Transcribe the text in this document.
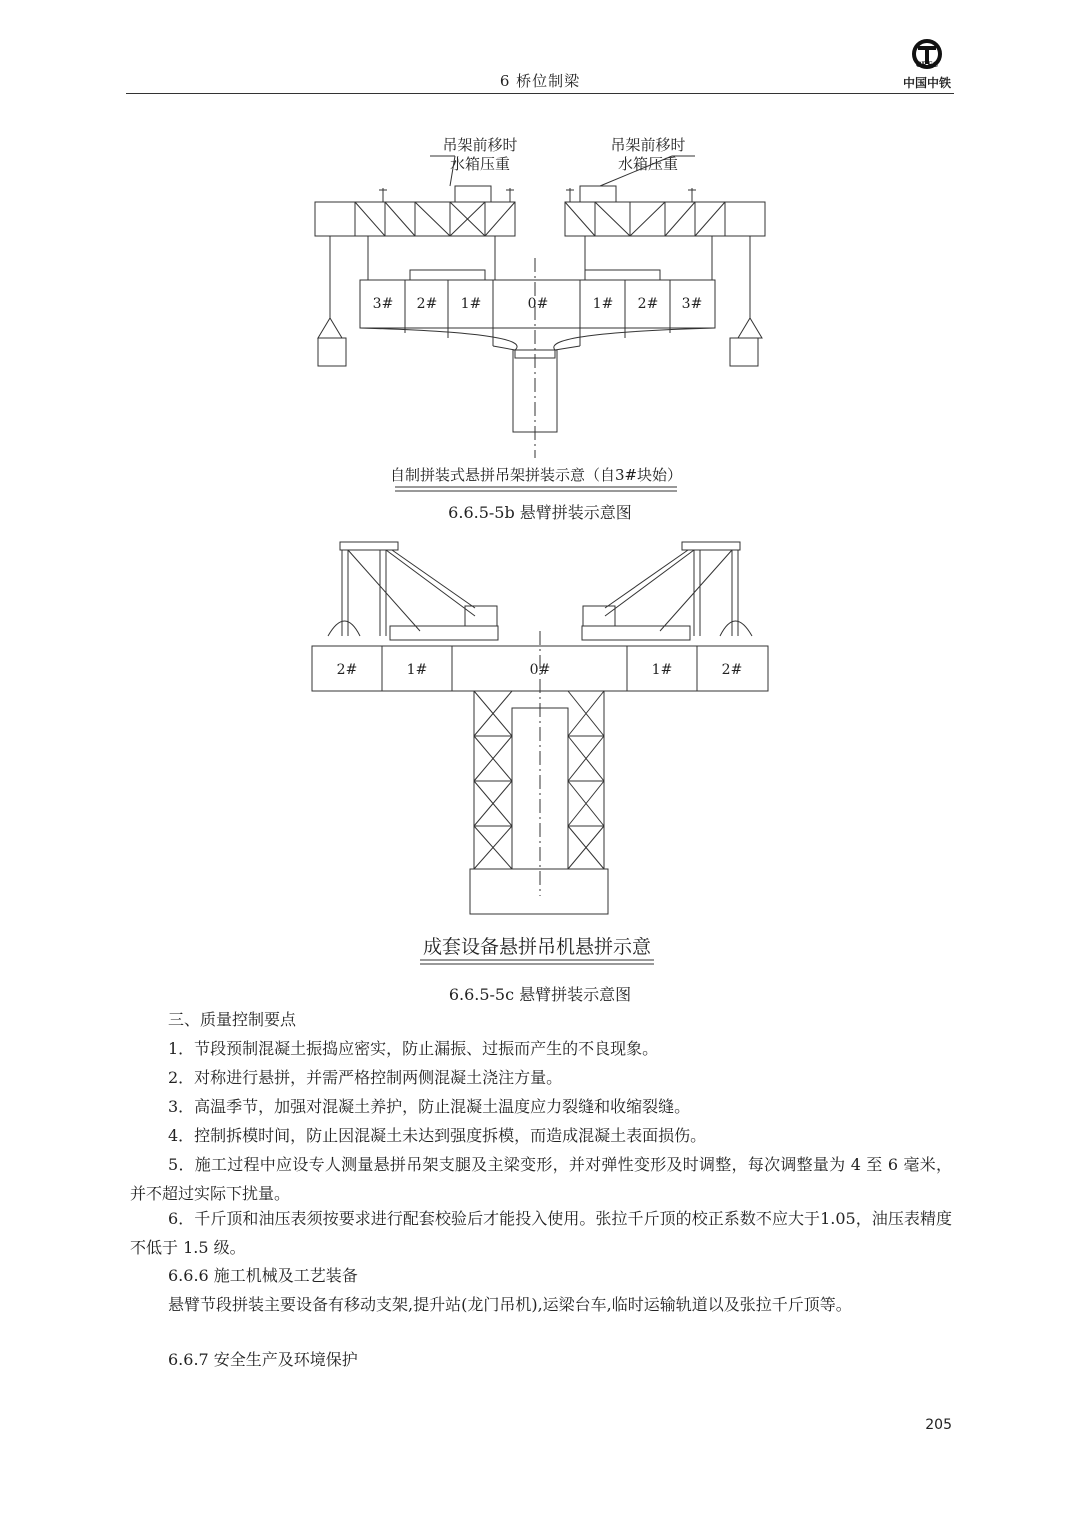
6 桥位制梁
CREC
中国中铁
吊架前移时
水箱压重
吊架前移时
水箱压重
3# 2# 1#	0#	1# 2# 3#
自制拼装式悬拼吊架拼装示意（自3#块始）
6.6.5-5b 悬臂拼装示意图
2#	1#	0#	1#	2#
成套设备悬拼吊机悬拼示意
6.6.5-5c 悬臂拼装示意图
三、质量控制要点
1．节段预制混凝土振捣应密实，防止漏振、过振而产生的不良现象。
2．对称进行悬拼，并需严格控制两侧混凝土浇注方量。
3．高温季节，加强对混凝土养护，防止混凝土温度应力裂缝和收缩裂缝。
4．控制拆模时间，防止因混凝土未达到强度拆模，而造成混凝土表面损伤。
5．施工过程中应设专人测量悬拼吊架支腿及主梁变形，并对弹性变形及时调整，每次调整量为 4 至 6 毫米，并不超过实际下扰量。
6．千斤顶和油压表须按要求进行配套校验后才能投入使用。张拉千斤顶的校正系数不应大于1.05，油压表精度不低于 1.5 级。
6.6.6 施工机械及工艺装备
悬臂节段拼装主要设备有移动支架,提升站(龙门吊机),运梁台车,临时运输轨道以及张拉千斤顶等。
6.6.7 安全生产及环境保护
205
